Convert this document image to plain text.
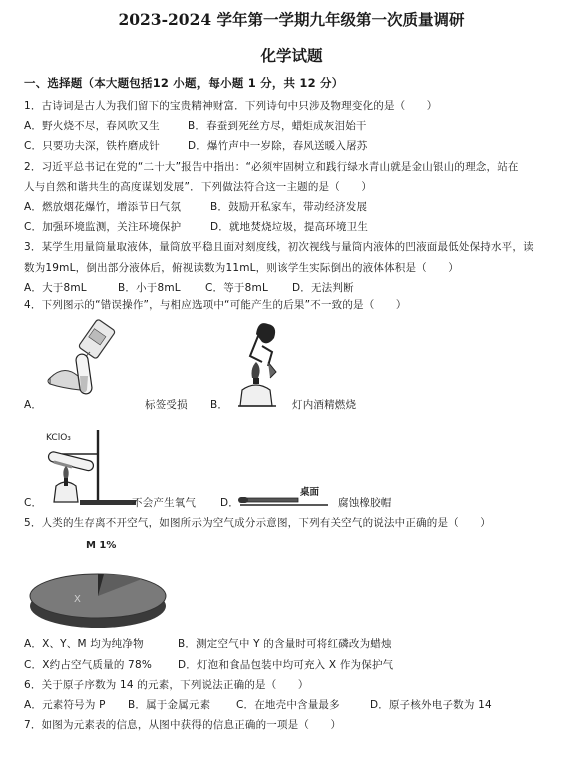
2023-2024 学年第一学期九年级第一次质量调研
化学试题
一、选择题（本大题包括12 小题，每小题 1 分，共 12 分）
1．古诗词是古人为我们留下的宝贵精神财富．下列诗句中只涉及物理变化的是（　　）
A．野火烧不尽，春风吹又生	B．春蚕到死丝方尽，蜡炬成灰泪始干
C．只要功夫深，铁杵磨成针	D．爆竹声中一岁除，春风送暖入屠苏
2．习近平总书记在党的“二十大”报告中指出：“必须牢固树立和践行绿水青山就是金山银山的理念，站在
人与自然和谐共生的高度谋划发展”．下列做法符合这一主题的是（　　）
A．燃放烟花爆竹，增添节日气氛	B．鼓励开私家车，带动经济发展
C．加强环境监测，关注环境保护	D．就地焚烧垃圾，提高环境卫生
3．某学生用量筒量取液体，量筒放平稳且面对刻度线，初次视线与量筒内液体的凹液面最低处保持水平，读
数为19mL，倒出部分液体后，俯视读数为11mL，则该学生实际倒出的液体体积是（　　）
A．大于8mL	B．小于8mL C．等于8mL D．无法判断
4．下列图示的“错误操作”，与相应选项中“可能产生的后果”不一致的是（　　）
A．	标签受损 B．	灯内酒精燃烧
KClO₃
C．	不会产生氧气
桌面
D．	腐蚀橡胶帽
5．人类的生存离不开空气，如图所示为空气成分示意图，下列有关空气的说法中正确的是（　　）
M 1%
X
A．X、Y、M 均为纯净物	B．测定空气中 Y 的含量时可将红磷改为蜡烛
C．X约占空气质量的 78% D．灯泡和食品包装中均可充入 X 作为保护气
6．关于原子序数为 14 的元素，下列说法正确的是（　　）
A．元素符号为 P B．属于金属元素 C．在地壳中含量最多	D．原子核外电子数为 14
7．如图为元素表的信息，从图中获得的信息正确的一项是（　　）
